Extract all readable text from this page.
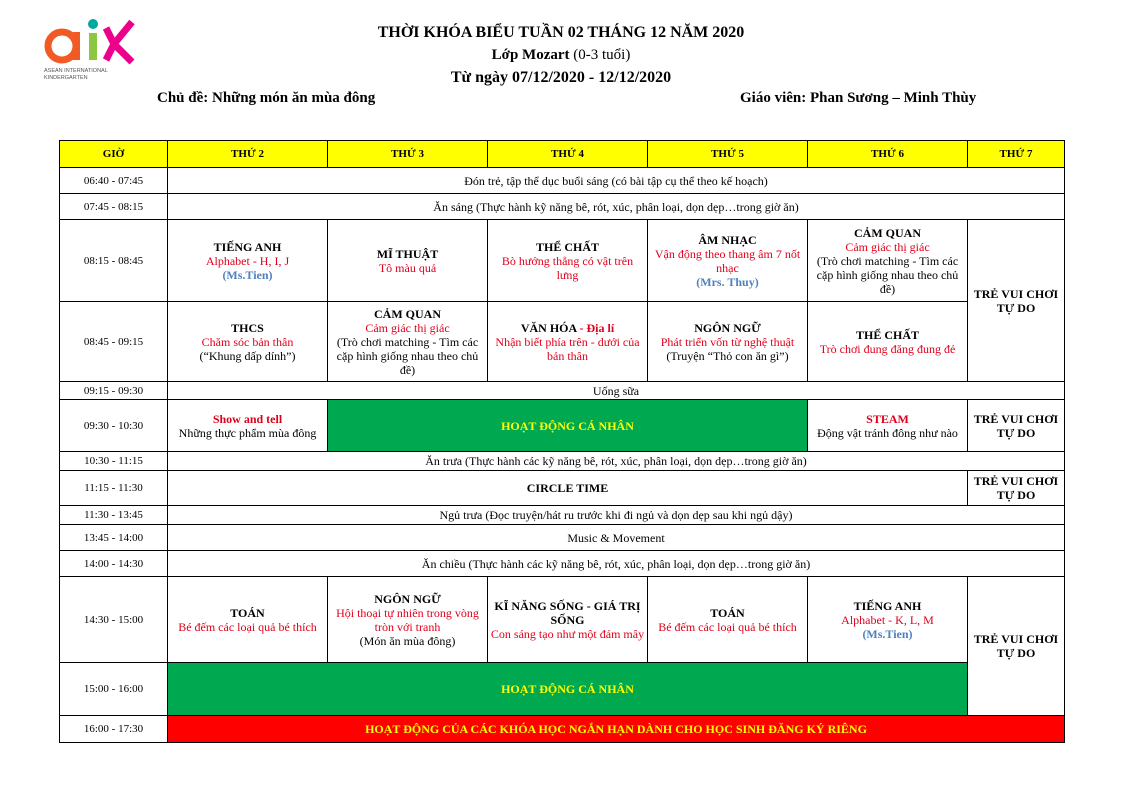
ASEAN INTERNATIONAL
KINDERGARTEN
THỜI KHÓA BIỂU TUẦN 02 THÁNG 12 NĂM 2020
Lớp Mozart (0-3 tuổi)
Từ ngày 07/12/2020 - 12/12/2020
Chủ đề: Những món ăn mùa đông	Giáo viên: Phan Sương – Minh Thùy
GIỜ	THỨ 2	THỨ 3	THỨ 4	THỨ 5	THỨ 6	THỨ 7
06:40 - 07:45	Đón trẻ, tập thể dục buổi sáng (có bài tập cụ thể theo kế hoạch)					
07:45 - 08:15	Ăn sáng (Thực hành kỹ năng bê, rót, xúc, phân loại, dọn dẹp…trong giờ ăn)					
08:15 - 08:45	TIẾNG ANH
Alphabet - H, I, J
(Ms.Tien)	MĨ THUẬT
Tô màu quả	THỂ CHẤT
Bò hướng thẳng có vật trên lưng	ÂM NHẠC
Vận động theo thang âm 7 nốt nhạc
(Mrs. Thuy)	CẢM QUAN
Cảm giác thị giác
(Trò chơi matching - Tìm các cặp hình giống nhau theo chủ đề)	TRẺ VUI CHƠI TỰ DO
08:45 - 09:15	THCS
Chăm sóc bản thân
(“Khung dấp dính”)	CẢM QUAN
Cảm giác thị giác
(Trò chơi matching - Tìm các cặp hình giống nhau theo chủ đề)	VĂN HÓA - Địa lí
Nhận biết phía trên - dưới của bản thân	NGÔN NGỮ
Phát triển vốn từ nghệ thuật
(Truyện “Thỏ con ăn gì”)	THỂ CHẤT
Trò chơi đung đăng đung đẻ	

09:15 - 09:30	Uống sữa					
09:30 - 10:30	Show and tell
Những thực phẩm mùa đông	HOẠT ĐỘNG CÁ NHÂN			STEAM
Động vật tránh đông như nào	TRẺ VUI CHƠI TỰ DO
10:30 - 11:15	Ăn trưa (Thực hành các kỹ năng bê, rót, xúc, phân loại, dọn dẹp…trong giờ ăn)					
11:15 - 11:30	CIRCLE TIME					TRẺ VUI CHƠI TỰ DO
11:30 - 13:45	Ngủ trưa (Đọc truyện/hát ru trước khi đi ngủ và dọn dẹp sau khi ngủ dậy)					
13:45 - 14:00	Music & Movement					
14:00 - 14:30	Ăn chiều (Thực hành các kỹ năng bê, rót, xúc, phân loại, dọn dẹp…trong giờ ăn)					
14:30 - 15:00	TOÁN
Bé đếm các loại quả bé thích	NGÔN NGỮ
Hội thoại tự nhiên trong vòng tròn với tranh
(Món ăn mùa đông)	KĨ NĂNG SỐNG - GIÁ TRỊ SỐNG
Con sáng tạo như một đám mây	TOÁN
Bé đếm các loại quả bé thích	TIẾNG ANH
Alphabet - K, L, M
(Ms.Tien)	TRẺ VUI CHƠI TỰ DO
15:00 - 16:00	HOẠT ĐỘNG CÁ NHÂN					
16:00 - 17:30	HOẠT ĐỘNG CỦA CÁC KHÓA HỌC NGẮN HẠN DÀNH CHO HỌC SINH ĐĂNG KÝ RIÊNG					
